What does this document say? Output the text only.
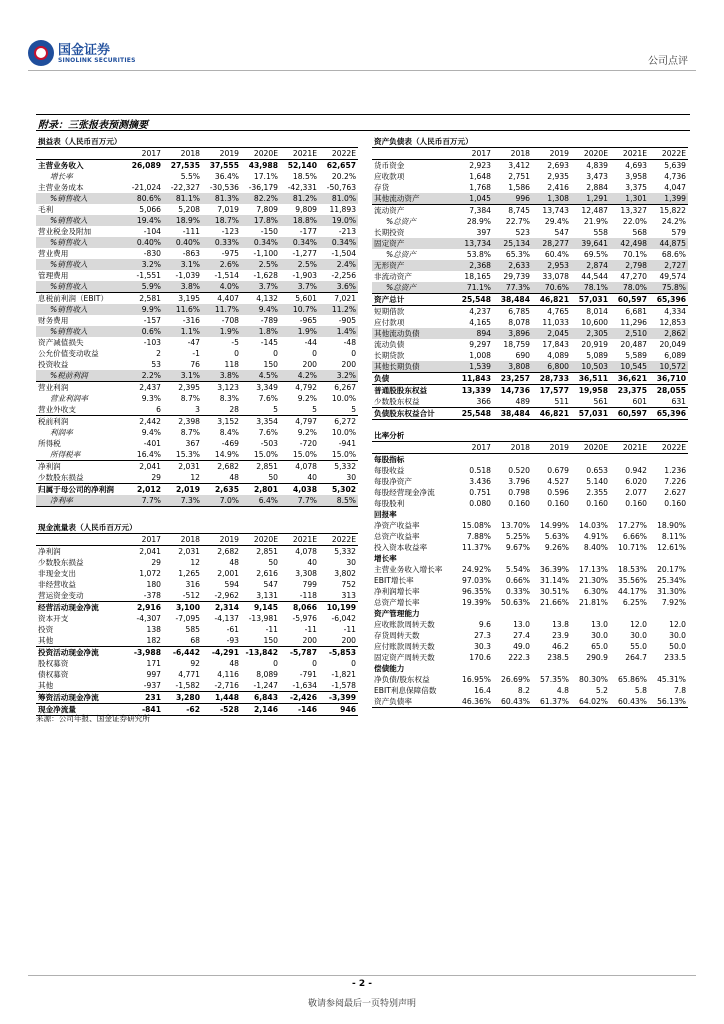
国金证券
SINOLINK SECURITIES	公司点评
附录：三张报表预测摘要
损益表（人民币百万元）						
	2017	2018	2019	2020E	2021E	2022E
主营业务收入	26,089	27,535	37,555	43,988	52,140	62,657
增长率		5.5%	36.4%	17.1%	18.5%	20.2%
主营业务成本	-21,024	-22,327	-30,536	-36,179	-42,331	-50,763
%销售收入	80.6%	81.1%	81.3%	82.2%	81.2%	81.0%
毛利	5,066	5,208	7,019	7,809	9,809	11,893
%销售收入	19.4%	18.9%	18.7%	17.8%	18.8%	19.0%
营业税金及附加	-104	-111	-123	-150	-177	-213
%销售收入	0.40%	0.40%	0.33%	0.34%	0.34%	0.34%
营业费用	-830	-863	-975	-1,100	-1,277	-1,504
%销售收入	3.2%	3.1%	2.6%	2.5%	2.5%	2.4%
管理费用	-1,551	-1,039	-1,514	-1,628	-1,903	-2,256
%销售收入	5.9%	3.8%	4.0%	3.7%	3.7%	3.6%
息税前利润（EBIT）	2,581	3,195	4,407	4,132	5,601	7,021
%销售收入	9.9%	11.6%	11.7%	9.4%	10.7%	11.2%
财务费用	-157	-316	-708	-789	-965	-905
%销售收入	0.6%	1.1%	1.9%	1.8%	1.9%	1.4%
资产减值损失	-103	-47	-5	-145	-44	-48
公允价值变动收益	2	-1	0	0	0	0
投资收益	53	76	118	150	200	200
%税前利润	2.2%	3.1%	3.8%	4.5%	4.2%	3.2%
营业利润	2,437	2,395	3,123	3,349	4,792	6,267
营业利润率	9.3%	8.7%	8.3%	7.6%	9.2%	10.0%
营业外收支	6	3	28	5	5	5
税前利润	2,442	2,398	3,152	3,354	4,797	6,272
利润率	9.4%	8.7%	8.4%	7.6%	9.2%	10.0%
所得税	-401	367	-469	-503	-720	-941
所得税率	16.4%	15.3%	14.9%	15.0%	15.0%	15.0%
净利润	2,041	2,031	2,682	2,851	4,078	5,332
少数股东损益	29	12	48	50	40	30
归属于母公司的净利润	2,012	2,019	2,635	2,801	4,038	5,302
净利率	7.7%	7.3%	7.0%	6.4%	7.7%	8.5%
资产负债表（人民币百万元）						
	2017	2018	2019	2020E	2021E	2022E
货币资金	2,923	3,412	2,693	4,839	4,693	5,639
应收款项	1,648	2,751	2,935	3,473	3,958	4,736
存货	1,768	1,586	2,416	2,884	3,375	4,047
其他流动资产	1,045	996	1,308	1,291	1,301	1,399
流动资产	7,384	8,745	13,743	12,487	13,327	15,822
%总资产	28.9%	22.7%	29.4%	21.9%	22.0%	24.2%
长期投资	397	523	547	558	568	579
固定资产	13,734	25,134	28,277	39,641	42,498	44,875
%总资产	53.8%	65.3%	60.4%	69.5%	70.1%	68.6%
无形资产	2,368	2,633	2,953	2,874	2,798	2,727
非流动资产	18,165	29,739	33,078	44,544	47,270	49,574
%总资产	71.1%	77.3%	70.6%	78.1%	78.0%	75.8%
资产总计	25,548	38,484	46,821	57,031	60,597	65,396
短期借款	4,237	6,785	4,765	8,014	6,681	4,334
应付款项	4,165	8,078	11,033	10,600	11,296	12,853
其他流动负债	894	3,896	2,045	2,305	2,510	2,862
流动负债	9,297	18,759	17,843	20,919	20,487	20,049
长期贷款	1,008	690	4,089	5,089	5,589	6,089
其他长期负债	1,539	3,808	6,800	10,503	10,545	10,572
负债	11,843	23,257	28,733	36,511	36,621	36,710
普通股股东权益	13,339	14,736	17,577	19,958	23,375	28,055
少数股东权益	366	489	511	561	601	631
负债股东权益合计	25,548	38,484	46,821	57,031	60,597	65,396
比率分析						
	2017	2018	2019	2020E	2021E	2022E
每股指标						
每股收益	0.518	0.520	0.679	0.653	0.942	1.236
每股净资产	3.436	3.796	4.527	5.140	6.020	7.226
每股经营现金净流	0.751	0.798	0.596	2.355	2.077	2.627
每股股利	0.080	0.160	0.160	0.160	0.160	0.160
回报率						
净资产收益率	15.08%	13.70%	14.99%	14.03%	17.27%	18.90%
总资产收益率	7.88%	5.25%	5.63%	4.91%	6.66%	8.11%
投入资本收益率	11.37%	9.67%	9.26%	8.40%	10.71%	12.61%
增长率						
主营业务收入增长率	24.92%	5.54%	36.39%	17.13%	18.53%	20.17%
EBIT增长率	97.03%	0.66%	31.14%	21.30%	35.56%	25.34%
净利润增长率	96.35%	0.33%	30.51%	6.30%	44.17%	31.30%
总资产增长率	19.39%	50.63%	21.66%	21.81%	6.25%	7.92%
资产管理能力						
应收账款周转天数	9.6	13.0	13.8	13.0	12.0	12.0
存货周转天数	27.3	27.4	23.9	30.0	30.0	30.0
应付账款周转天数	30.3	49.0	46.2	65.0	55.0	50.0
固定资产周转天数	170.6	222.3	238.5	290.9	264.7	233.5
偿债能力						
净负债/股东权益	16.95%	26.69%	57.35%	80.30%	65.86%	45.31%
EBIT利息保障倍数	16.4	8.2	4.8	5.2	5.8	7.8
资产负债率	46.36%	60.43%	61.37%	64.02%	60.43%	56.13%
现金流量表（人民币百万元）						
	2017	2018	2019	2020E	2021E	2022E
净利润	2,041	2,031	2,682	2,851	4,078	5,332
少数股东损益	29	12	48	50	40	30
非现金支出	1,072	1,265	2,001	2,616	3,308	3,802
非经营收益	180	316	594	547	799	752
营运资金变动	-378	-512	-2,962	3,131	-118	313
经营活动现金净流	2,916	3,100	2,314	9,145	8,066	10,199
资本开支	-4,307	-7,095	-4,137	-13,981	-5,976	-6,042
投资	138	585	-61	-11	-11	-11
其他	182	68	-93	150	200	200
投资活动现金净流	-3,988	-6,442	-4,291	-13,842	-5,787	-5,853
股权募资	171	92	48	0	0	0
债权募资	997	4,771	4,116	8,089	-791	-1,821
其他	-937	-1,582	-2,716	-1,247	-1,634	-1,578
筹资活动现金净流	231	3,280	1,448	6,843	-2,426	-3,399
现金净流量	-841	-62	-528	2,146	-146	946
来源：公司年报、国金证券研究所
- 2 -
敬请参阅最后一页特别声明
